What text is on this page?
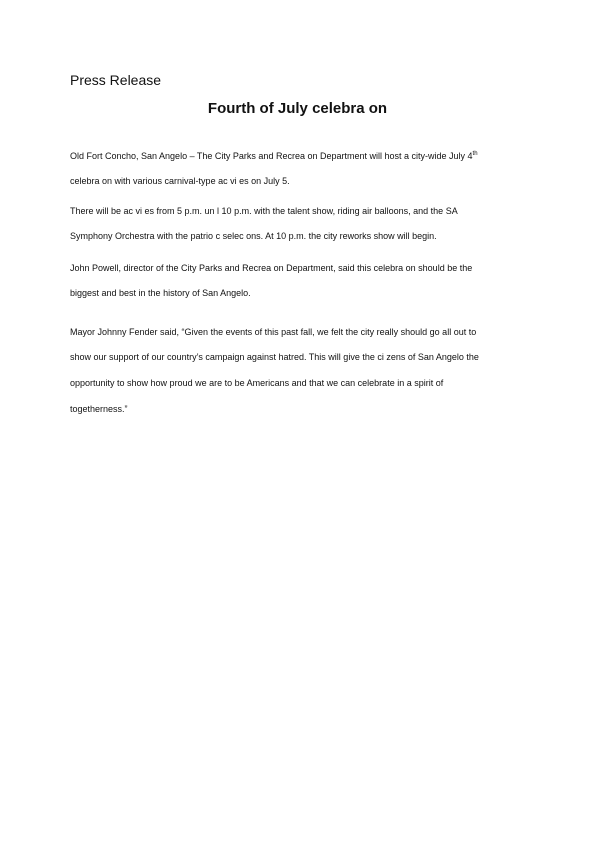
Press Release
Fourth of July celebra on
Old Fort Concho, San Angelo – The City Parks and Recrea on Department will host a city-wide July 4th
celebra on with various carnival-type ac vi es on July 5.
There will be ac vi es from 5 p.m. un l 10 p.m. with the talent show, riding air balloons, and the SA
Symphony Orchestra with the patrio c selec ons. At 10 p.m. the city reworks show will begin.
John Powell, director of the City Parks and Recrea on Department, said this celebra on should be the
biggest and best in the history of San Angelo.
Mayor Johnny Fender said, “Given the events of this past fall, we felt the city really should go all out to
show our support of our country’s campaign against hatred. This will give the ci zens of San Angelo the
opportunity to show how proud we are to be Americans and that we can celebrate in a spirit of
togetherness.”
